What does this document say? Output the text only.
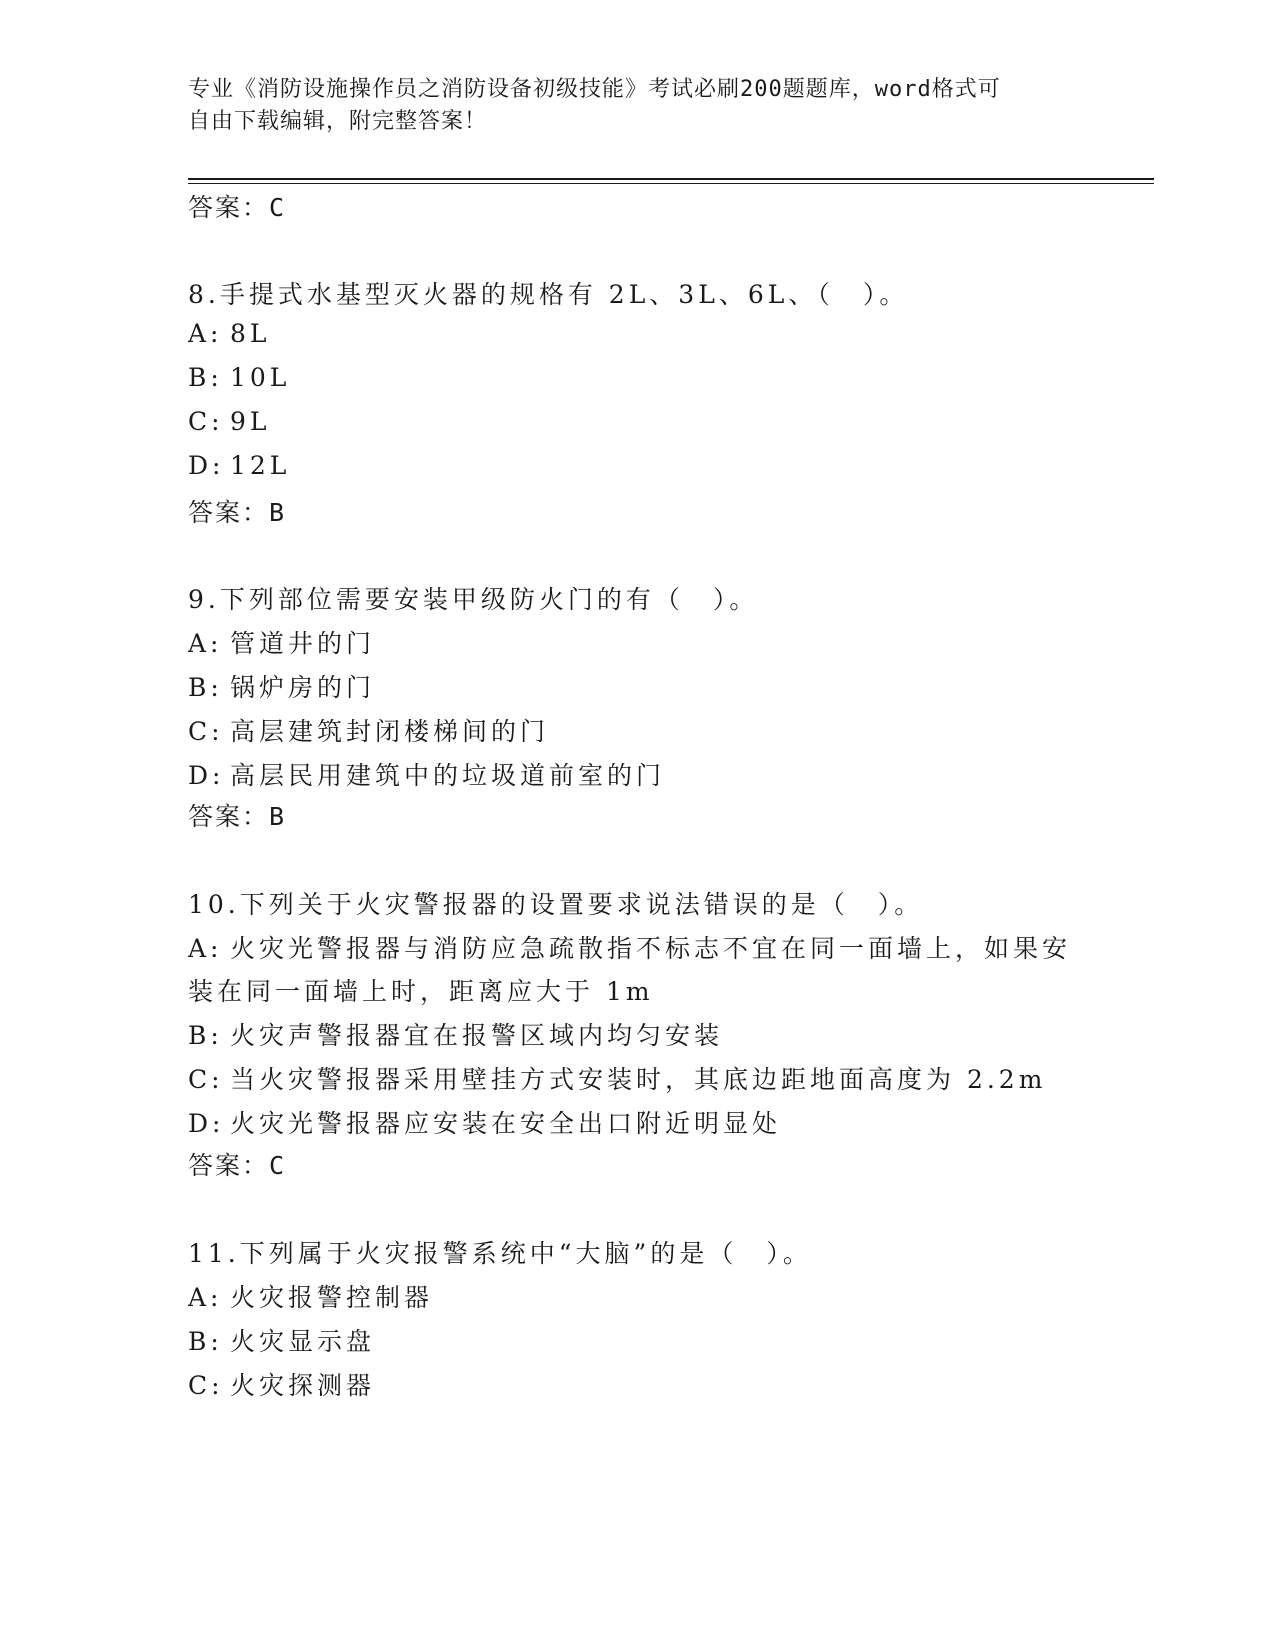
专业《消防设施操作员之消防设备初级技能》考试必刷200题题库，word格式可
自由下载编辑，附完整答案！
答案：C
8.手提式水基型灭火器的规格有 2L、3L、6L、（　）。
A: 8L
B: 10L
C: 9L
D: 12L
答案：B
9.下列部位需要安装甲级防火门的有（　）。
A: 管道井的门
B: 锅炉房的门
C: 高层建筑封闭楼梯间的门
D: 高层民用建筑中的垃圾道前室的门
答案：B
10.下列关于火灾警报器的设置要求说法错误的是（　）。
A: 火灾光警报器与消防应急疏散指不标志不宜在同一面墙上，如果安
装在同一面墙上时，距离应大于 1m
B: 火灾声警报器宜在报警区域内均匀安装
C: 当火灾警报器采用壁挂方式安装时，其底边距地面高度为 2.2m
D: 火灾光警报器应安装在安全出口附近明显处
答案：C
11.下列属于火灾报警系统中“大脑”的是（　）。
A: 火灾报警控制器
B: 火灾显示盘
C: 火灾探测器
